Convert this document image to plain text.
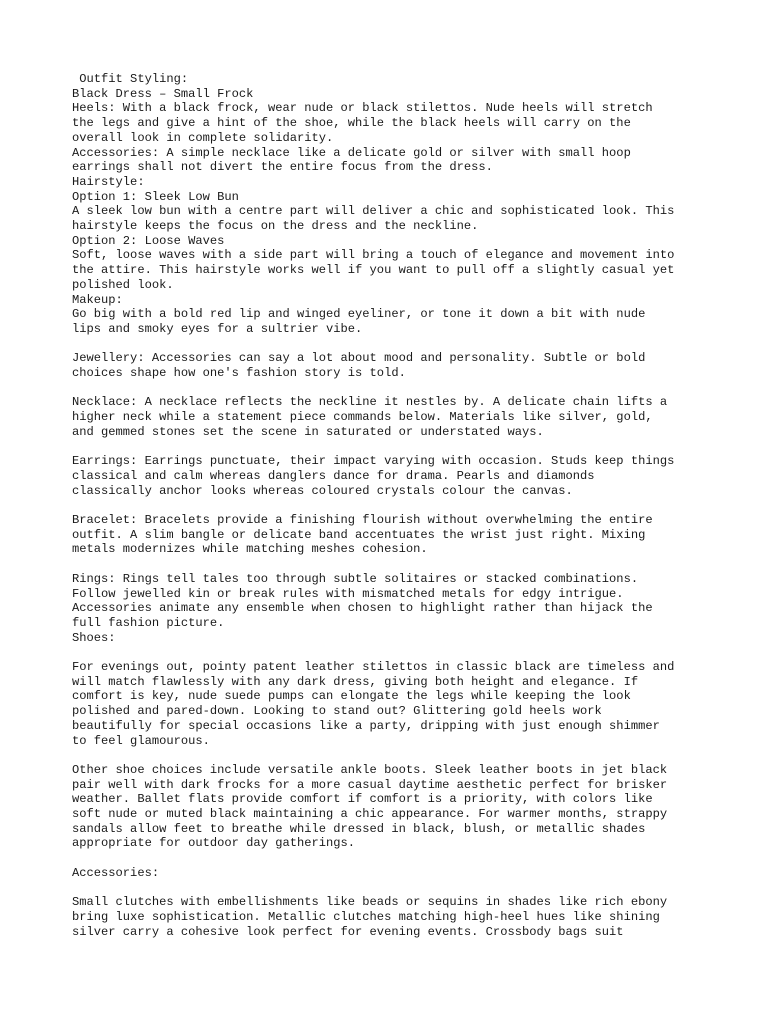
Outfit Styling:
Black Dress – Small Frock
Heels: With a black frock, wear nude or black stilettos. Nude heels will stretch
the legs and give a hint of the shoe, while the black heels will carry on the
overall look in complete solidarity.
Accessories: A simple necklace like a delicate gold or silver with small hoop
earrings shall not divert the entire focus from the dress.
Hairstyle:
Option 1: Sleek Low Bun
A sleek low bun with a centre part will deliver a chic and sophisticated look. This
hairstyle keeps the focus on the dress and the neckline.
Option 2: Loose Waves
Soft, loose waves with a side part will bring a touch of elegance and movement into
the attire. This hairstyle works well if you want to pull off a slightly casual yet
polished look.
Makeup:
Go big with a bold red lip and winged eyeliner, or tone it down a bit with nude
lips and smoky eyes for a sultrier vibe.
Jewellery: Accessories can say a lot about mood and personality. Subtle or bold
choices shape how one's fashion story is told.
Necklace: A necklace reflects the neckline it nestles by. A delicate chain lifts a
higher neck while a statement piece commands below. Materials like silver, gold,
and gemmed stones set the scene in saturated or understated ways.
Earrings: Earrings punctuate, their impact varying with occasion. Studs keep things
classical and calm whereas danglers dance for drama. Pearls and diamonds
classically anchor looks whereas coloured crystals colour the canvas.
Bracelet: Bracelets provide a finishing flourish without overwhelming the entire
outfit. A slim bangle or delicate band accentuates the wrist just right. Mixing
metals modernizes while matching meshes cohesion.
Rings: Rings tell tales too through subtle solitaires or stacked combinations.
Follow jewelled kin or break rules with mismatched metals for edgy intrigue.
Accessories animate any ensemble when chosen to highlight rather than hijack the
full fashion picture.
Shoes:
For evenings out, pointy patent leather stilettos in classic black are timeless and
will match flawlessly with any dark dress, giving both height and elegance. If
comfort is key, nude suede pumps can elongate the legs while keeping the look
polished and pared-down. Looking to stand out? Glittering gold heels work
beautifully for special occasions like a party, dripping with just enough shimmer
to feel glamourous.
Other shoe choices include versatile ankle boots. Sleek leather boots in jet black
pair well with dark frocks for a more casual daytime aesthetic perfect for brisker
weather. Ballet flats provide comfort if comfort is a priority, with colors like
soft nude or muted black maintaining a chic appearance. For warmer months, strappy
sandals allow feet to breathe while dressed in black, blush, or metallic shades
appropriate for outdoor day gatherings.
Accessories:
Small clutches with embellishments like beads or sequins in shades like rich ebony
bring luxe sophistication. Metallic clutches matching high-heel hues like shining
silver carry a cohesive look perfect for evening events. Crossbody bags suit
